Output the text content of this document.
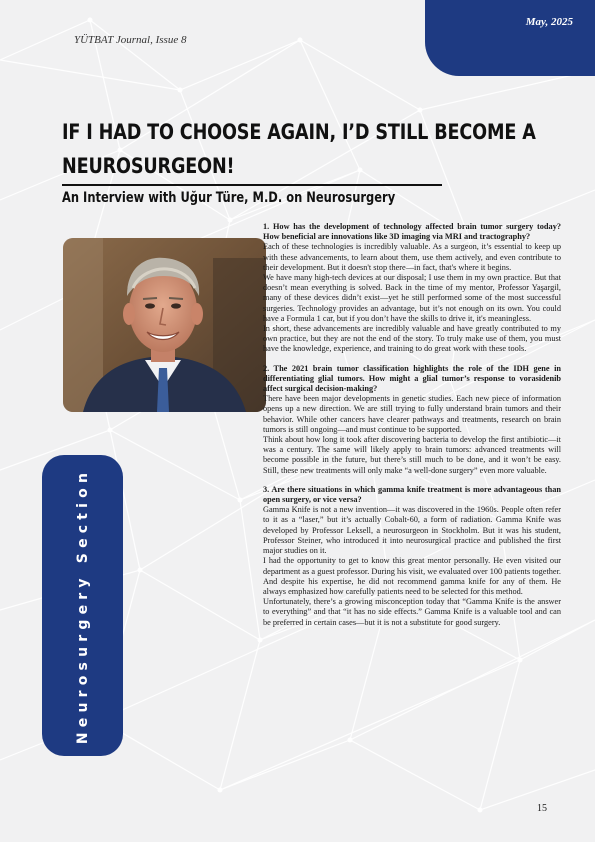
YÜTBAT Journal, Issue 8
May, 2025
IF I HAD TO CHOOSE AGAIN, I’D STILL BECOME A
NEUROSURGEON!
An Interview with Uğur Türe, M.D. on Neurosurgery
Neurosurgery Section

1. How has the development of technology affected brain tumor surgery today? How beneficial are innovations like 3D imaging via MRI and tractography?

Each of these technologies is incredibly valuable. As a surgeon, it’s essential to keep up with these advancements, to learn about them, use them actively, and even contribute to their development. But it doesn't stop there—in fact, that's where it begins.

We have many high-tech devices at our disposal; I use them in my own practice. But that doesn’t mean everything is solved. Back in the time of my mentor, Professor Yaşargil, many of these devices didn’t exist—yet he still performed some of the most successful surgeries. Technology provides an advantage, but it’s not enough on its own. You could have a Formula 1 car, but if you don’t have the skills to drive it, it's meaningless.

In short, these advancements are incredibly valuable and have greatly contributed to my own practice, but they are not the end of the story. To truly make use of them, you must have the knowledge, experience, and training to do great work with these tools.

2. The 2021 brain tumor classification highlights the role of the IDH gene in differentiating glial tumors. How might a glial tumor’s response to vorasidenib affect surgical decision-making?

There have been major developments in genetic studies. Each new piece of information opens up a new direction. We are still trying to fully understand brain tumors and their behavior. While other cancers have clearer pathways and treatments, research on brain tumors is still ongoing—and must continue to be supported.

Think about how long it took after discovering bacteria to develop the first antibiotic—it was a century. The same will likely apply to brain tumors: advanced treatments will become possible in the future, but there’s still much to be done, and it won’t be easy. Still, these new treatments will only make “a well-done surgery” even more valuable.

3. Are there situations in which gamma knife treatment is more advantageous than open surgery, or vice versa?

Gamma Knife is not a new invention—it was discovered in the 1960s. People often refer to it as a “laser,” but it’s actually Cobalt-60, a form of radiation. Gamma Knife was developed by Professor Leksell, a neurosurgeon in Stockholm. But it was his student, Professor Steiner, who introduced it into neurosurgical practice and published the first major studies on it.

I had the opportunity to get to know this great mentor personally. He even visited our department as a guest professor. During his visit, we evaluated over 100 patients together. And despite his expertise, he did not recommend gamma knife for any of them. He always emphasized how carefully patients need to be selected for this method.

Unfortunately, there’s a growing misconception today that “Gamma Knife is the answer to everything” and that “it has no side effects.” Gamma Knife is a valuable tool and can be preferred in certain cases—but it is not a substitute for good surgery.

15
